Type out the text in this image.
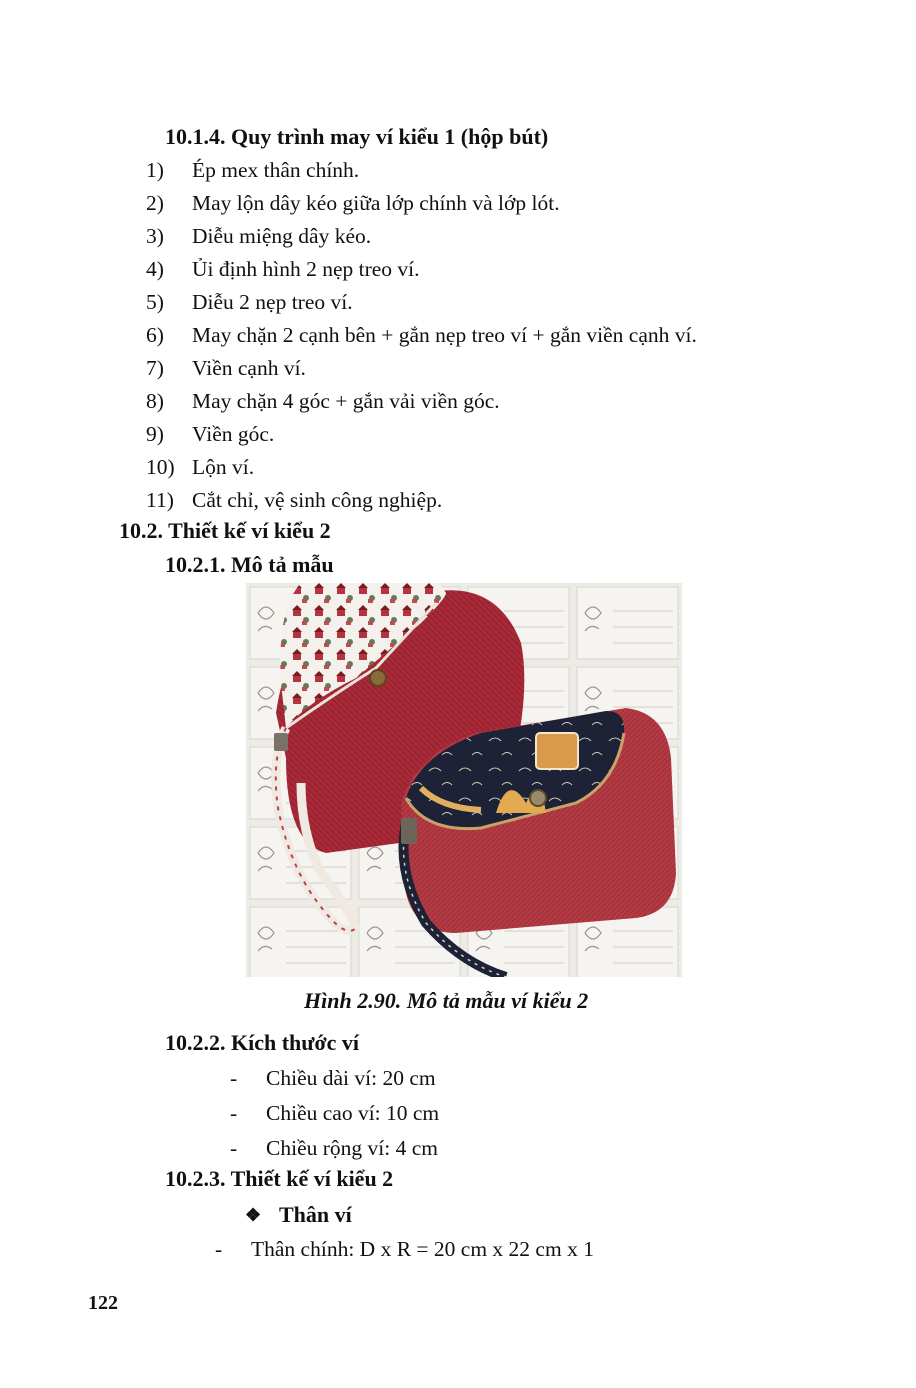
10.1.4. Quy trình may ví kiểu 1 (hộp bút)
1)	Ép mex thân chính.
2)	May lộn dây kéo giữa lớp chính và lớp lót.
3)	Diễu miệng dây kéo.
4)	Ủi định hình 2 nẹp treo ví.
5)	Diễu 2 nẹp treo ví.
6)	May chặn 2 cạnh bên + gắn nẹp treo ví + gắn viền cạnh ví.
7)	Viền cạnh ví.
8)	May chặn 4 góc + gắn vải viền góc.
9)	Viền góc.
10) Lộn ví.
11) Cắt chỉ, vệ sinh công nghiệp.
10.2. Thiết kế ví kiểu 2
10.2.1. Mô tả mẫu
Hình 2.90. Mô tả mẫu ví kiểu 2
10.2.2. Kích thước ví
-	Chiều dài ví: 20 cm
-	Chiều cao ví: 10 cm
-	Chiều rộng ví: 4 cm
10.2.3. Thiết kế ví kiểu 2
❖ Thân ví
-	Thân chính: D x R = 20 cm x 22 cm x 1
122
